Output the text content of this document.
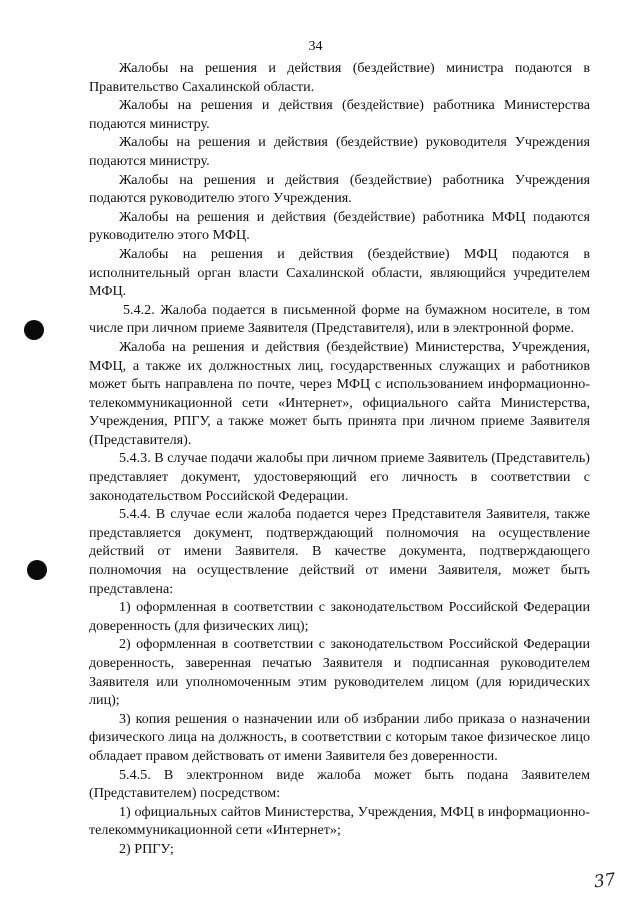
34

Жалобы на решения и действия (бездействие) министра подаются в Правительство Сахалинской области.

Жалобы на решения и действия (бездействие) работника Министерства подаются министру.

Жалобы на решения и действия (бездействие) руководителя Учреждения подаются министру.

Жалобы на решения и действия (бездействие) работника Учреждения подаются руководителю этого Учреждения.

Жалобы на решения и действия (бездействие) работника МФЦ подаются руководителю этого МФЦ.

Жалобы на решения и действия (бездействие) МФЦ подаются в исполнительный орган власти Сахалинской области, являющийся учредителем МФЦ.

5.4.2. Жалоба подается в письменной форме на бумажном носителе, в том числе при личном приеме Заявителя (Представителя), или в электронной форме.

Жалоба на решения и действия (бездействие) Министерства, Учреждения, МФЦ, а также их должностных лиц, государственных служащих и работников может быть направлена по почте, через МФЦ с использованием информационно-телекоммуникационной сети «Интернет», официального сайта Министерства, Учреждения, РПГУ, а также может быть принята при личном приеме Заявителя (Представителя).

5.4.3. В случае подачи жалобы при личном приеме Заявитель (Представитель) представляет документ, удостоверяющий его личность в соответствии с законодательством Российской Федерации.

5.4.4. В случае если жалоба подается через Представителя Заявителя, также представляется документ, подтверждающий полномочия на осуществление действий от имени Заявителя. В качестве документа, подтверждающего полномочия на осуществление действий от имени Заявителя, может быть представлена:

1) оформленная в соответствии с законодательством Российской Федерации доверенность (для физических лиц);

2) оформленная в соответствии с законодательством Российской Федерации доверенность, заверенная печатью Заявителя и подписанная руководителем Заявителя или уполномоченным этим руководителем лицом (для юридических лиц);

3) копия решения о назначении или об избрании либо приказа о назначении физического лица на должность, в соответствии с которым такое физическое лицо обладает правом действовать от имени Заявителя без доверенности.

5.4.5. В электронном виде жалоба может быть подана Заявителем (Представителем) посредством:

1) официальных сайтов Министерства, Учреждения, МФЦ в информационно-телекоммуникационной сети «Интернет»;

2) РПГУ;

37
